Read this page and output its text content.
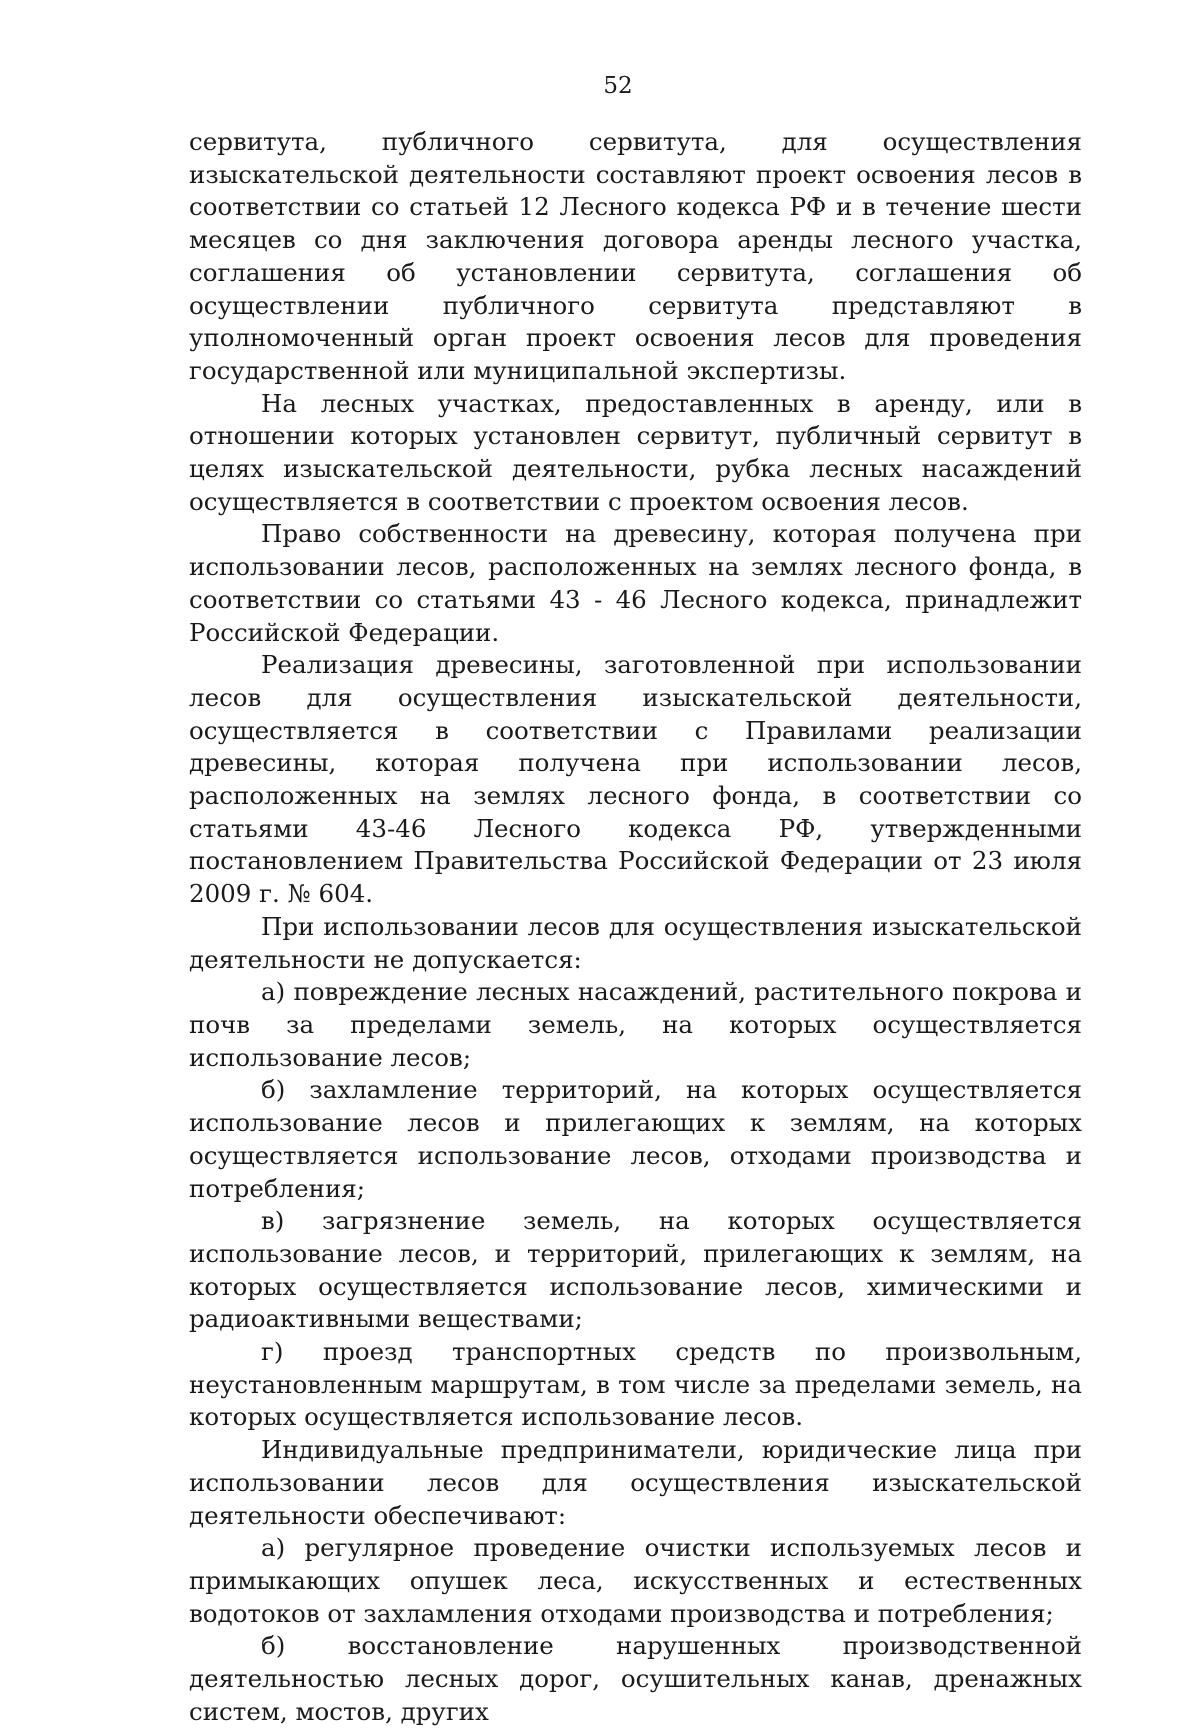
52

сервитута, публичного сервитута, для осуществления изыскательской деятельности составляют проект освоения лесов в соответствии со статьей 12 Лесного кодекса РФ и в течение шести месяцев со дня заключения договора аренды лесного участка, соглашения об установлении сервитута, соглашения об осуществлении публичного сервитута представляют в уполномоченный орган проект освоения лесов для проведения государственной или муниципальной экспертизы.

На лесных участках, предоставленных в аренду, или в отношении которых установлен сервитут, публичный сервитут в целях изыскательской деятельности, рубка лесных насаждений осуществляется в соответствии с проектом освоения лесов.

Право собственности на древесину, которая получена при использовании лесов, расположенных на землях лесного фонда, в соответствии со статьями 43 - 46 Лесного кодекса, принадлежит Российской Федерации.

Реализация древесины, заготовленной при использовании лесов для осуществления изыскательской деятельности, осуществляется в соответствии с Правилами реализации древесины, которая получена при использовании лесов, расположенных на землях лесного фонда, в соответствии со статьями 43-46 Лесного кодекса РФ, утвержденными постановлением Правительства Российской Федерации от 23 июля 2009 г. № 604.

При использовании лесов для осуществления изыскательской деятельности не допускается:

а) повреждение лесных насаждений, растительного покрова и почв за пределами земель, на которых осуществляется использование лесов;

б) захламление территорий, на которых осуществляется использование лесов и прилегающих к землям, на которых осуществляется использование лесов, отходами производства и потребления;

в) загрязнение земель, на которых осуществляется использование лесов, и территорий, прилегающих к землям, на которых осуществляется использование лесов, химическими и радиоактивными веществами;

г) проезд транспортных средств по произвольным, неустановленным маршрутам, в том числе за пределами земель, на которых осуществляется использование лесов.

Индивидуальные предприниматели, юридические лица при использовании лесов для осуществления изыскательской деятельности обеспечивают:

а) регулярное проведение очистки используемых лесов и примыкающих опушек леса, искусственных и естественных водотоков от захламления отходами производства и потребления;

б) восстановление нарушенных производственной деятельностью лесных дорог, осушительных канав, дренажных систем, мостов, других
